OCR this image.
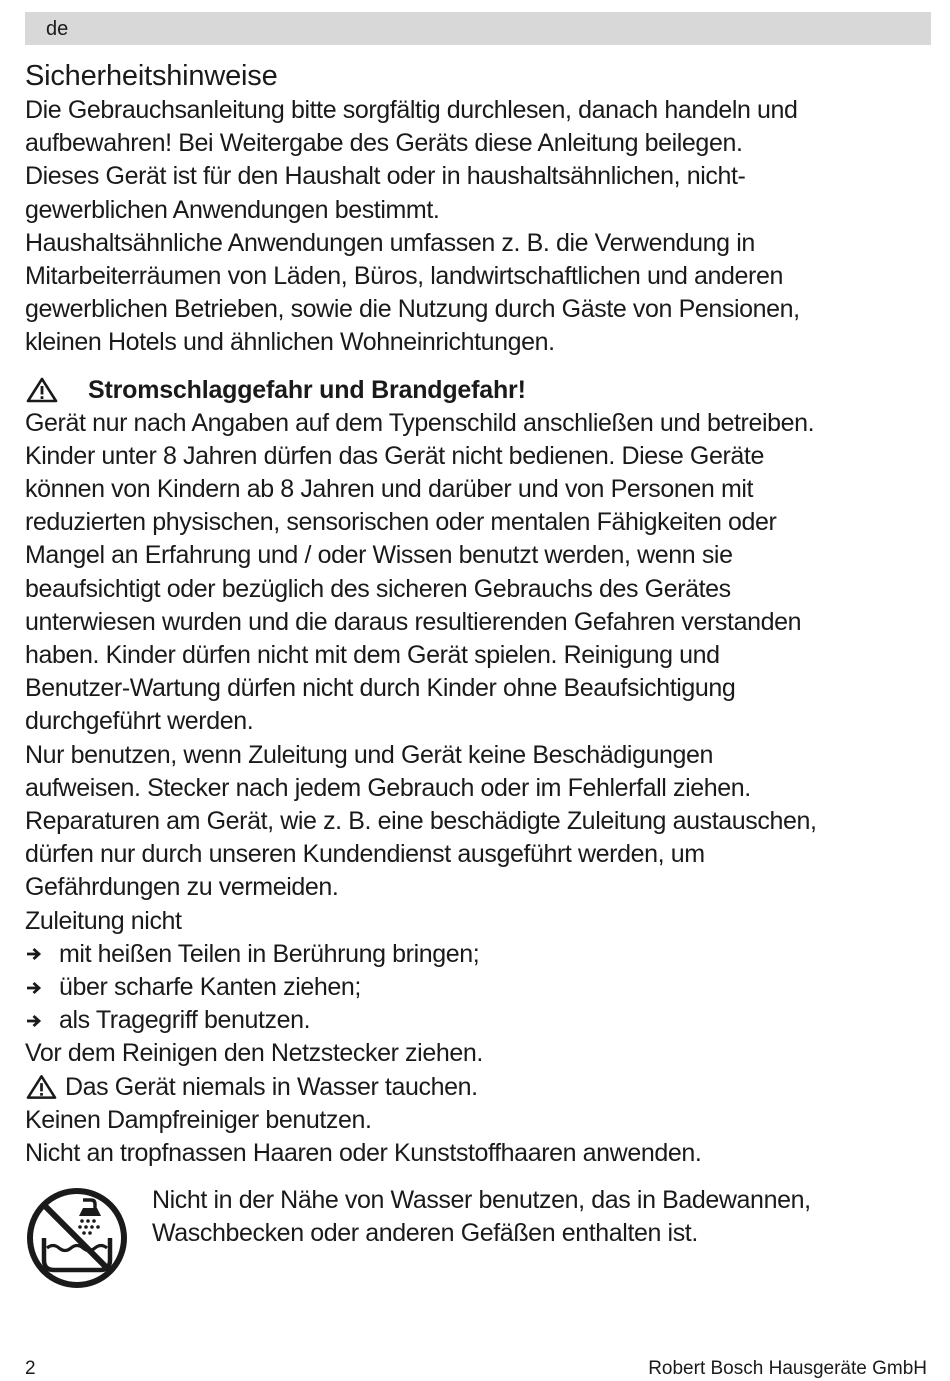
de
Sicherheitshinweise

Die Gebrauchsanleitung bitte sorgfältig durchlesen, danach handeln und

aufbewahren! Bei Weitergabe des Geräts diese Anleitung beilegen.

Dieses Gerät ist für den Haushalt oder in haushaltsähnlichen, nicht-

gewerblichen Anwendungen bestimmt.

Haushaltsähnliche Anwendungen umfassen z. B. die Verwendung in

Mitarbeiterräumen von Läden, Büros, landwirtschaftlichen und anderen

gewerblichen Betrieben, sowie die Nutzung durch Gäste von Pensionen,

kleinen Hotels und ähnlichen Wohneinrichtungen.

Stromschlaggefahr und Brandgefahr!

Gerät nur nach Angaben auf dem Typenschild anschließen und betreiben.

Kinder unter 8 Jahren dürfen das Gerät nicht bedienen. Diese Geräte

können von Kindern ab 8 Jahren und darüber und von Personen mit

reduzierten physischen, sensorischen oder mentalen Fähigkeiten oder

Mangel an Erfahrung und / oder Wissen benutzt werden, wenn sie

beaufsichtigt oder bezüglich des sicheren Gebrauchs des Gerätes

unterwiesen wurden und die daraus resultierenden Gefahren verstanden

haben. Kinder dürfen nicht mit dem Gerät spielen. Reinigung und

Benutzer-Wartung dürfen nicht durch Kinder ohne Beaufsichtigung

durchgeführt werden.

Nur benutzen, wenn Zuleitung und Gerät keine Beschädigungen

aufweisen. Stecker nach jedem Gebrauch oder im Fehlerfall ziehen.

Reparaturen am Gerät, wie z. B. eine beschädigte Zuleitung austauschen,

dürfen nur durch unseren Kundendienst ausgeführt werden, um

Gefährdungen zu vermeiden.

Zuleitung nicht

mit heißen Teilen in Berührung bringen;
über scharfe Kanten ziehen;
als Tragegriff benutzen.

Vor dem Reinigen den Netzstecker ziehen.

Das Gerät niemals in Wasser tauchen.

Keinen Dampfreiniger benutzen.

Nicht an tropfnassen Haaren oder Kunststoffhaaren anwenden.

Nicht in der Nähe von Wasser benutzen, das in Badewannen,
Waschbecken oder anderen Gefäßen enthalten ist.
2	Robert Bosch Hausgeräte GmbH
